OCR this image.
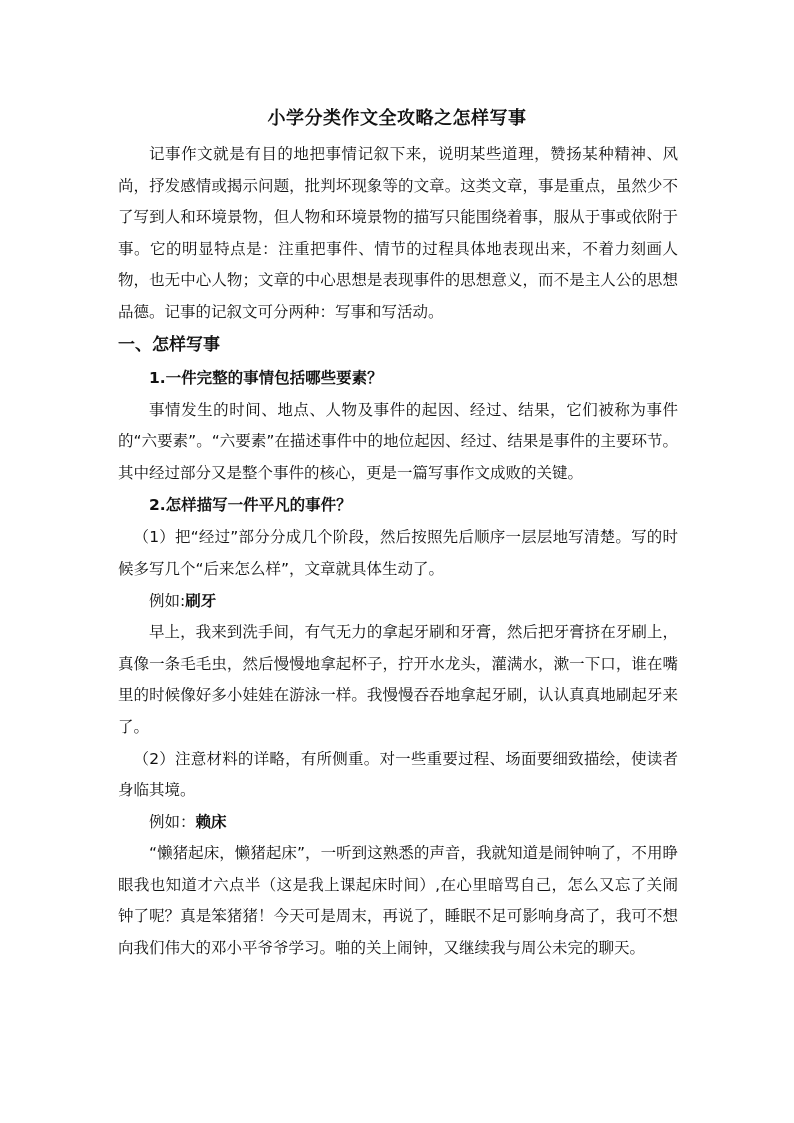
小学分类作文全攻略之怎样写事

记事作文就是有目的地把事情记叙下来，说明某些道理，赞扬某种精神、风尚，抒发感情或揭示问题，批判坏现象等的文章。这类文章，事是重点，虽然少不了写到人和环境景物，但人物和环境景物的描写只能围绕着事，服从于事或依附于事。它的明显特点是：注重把事件、情节的过程具体地表现出来，不着力刻画人物，也无中心人物；文章的中心思想是表现事件的思想意义，而不是主人公的思想品德。记事的记叙文可分两种：写事和写活动。

一、怎样写事

1.一件完整的事情包括哪些要素？

事情发生的时间、地点、人物及事件的起因、经过、结果，它们被称为事件的“六要素”。“六要素”在描述事件中的地位起因、经过、结果是事件的主要环节。其中经过部分又是整个事件的核心，更是一篇写事作文成败的关键。

2.怎样描写一件平凡的事件？

（1）把“经过”部分分成几个阶段，然后按照先后顺序一层层地写清楚。写的时候多写几个“后来怎么样”，文章就具体生动了。

例如:刷牙

早上，我来到洗手间，有气无力的拿起牙刷和牙膏，然后把牙膏挤在牙刷上，真像一条毛毛虫，然后慢慢地拿起杯子，拧开水龙头，灌满水，漱一下口，谁在嘴里的时候像好多小娃娃在游泳一样。我慢慢吞吞地拿起牙刷，认认真真地刷起牙来了。

（2）注意材料的详略，有所侧重。对一些重要过程、场面要细致描绘，使读者身临其境。

例如：赖床

“懒猪起床，懒猪起床”，一听到这熟悉的声音，我就知道是闹钟响了，不用睁眼我也知道才六点半（这是我上课起床时间）,在心里暗骂自己，怎么又忘了关闹钟了呢？真是笨猪猪！今天可是周末，再说了，睡眠不足可影响身高了，我可不想向我们伟大的邓小平爷爷学习。啪的关上闹钟，又继续我与周公未完的聊天。
